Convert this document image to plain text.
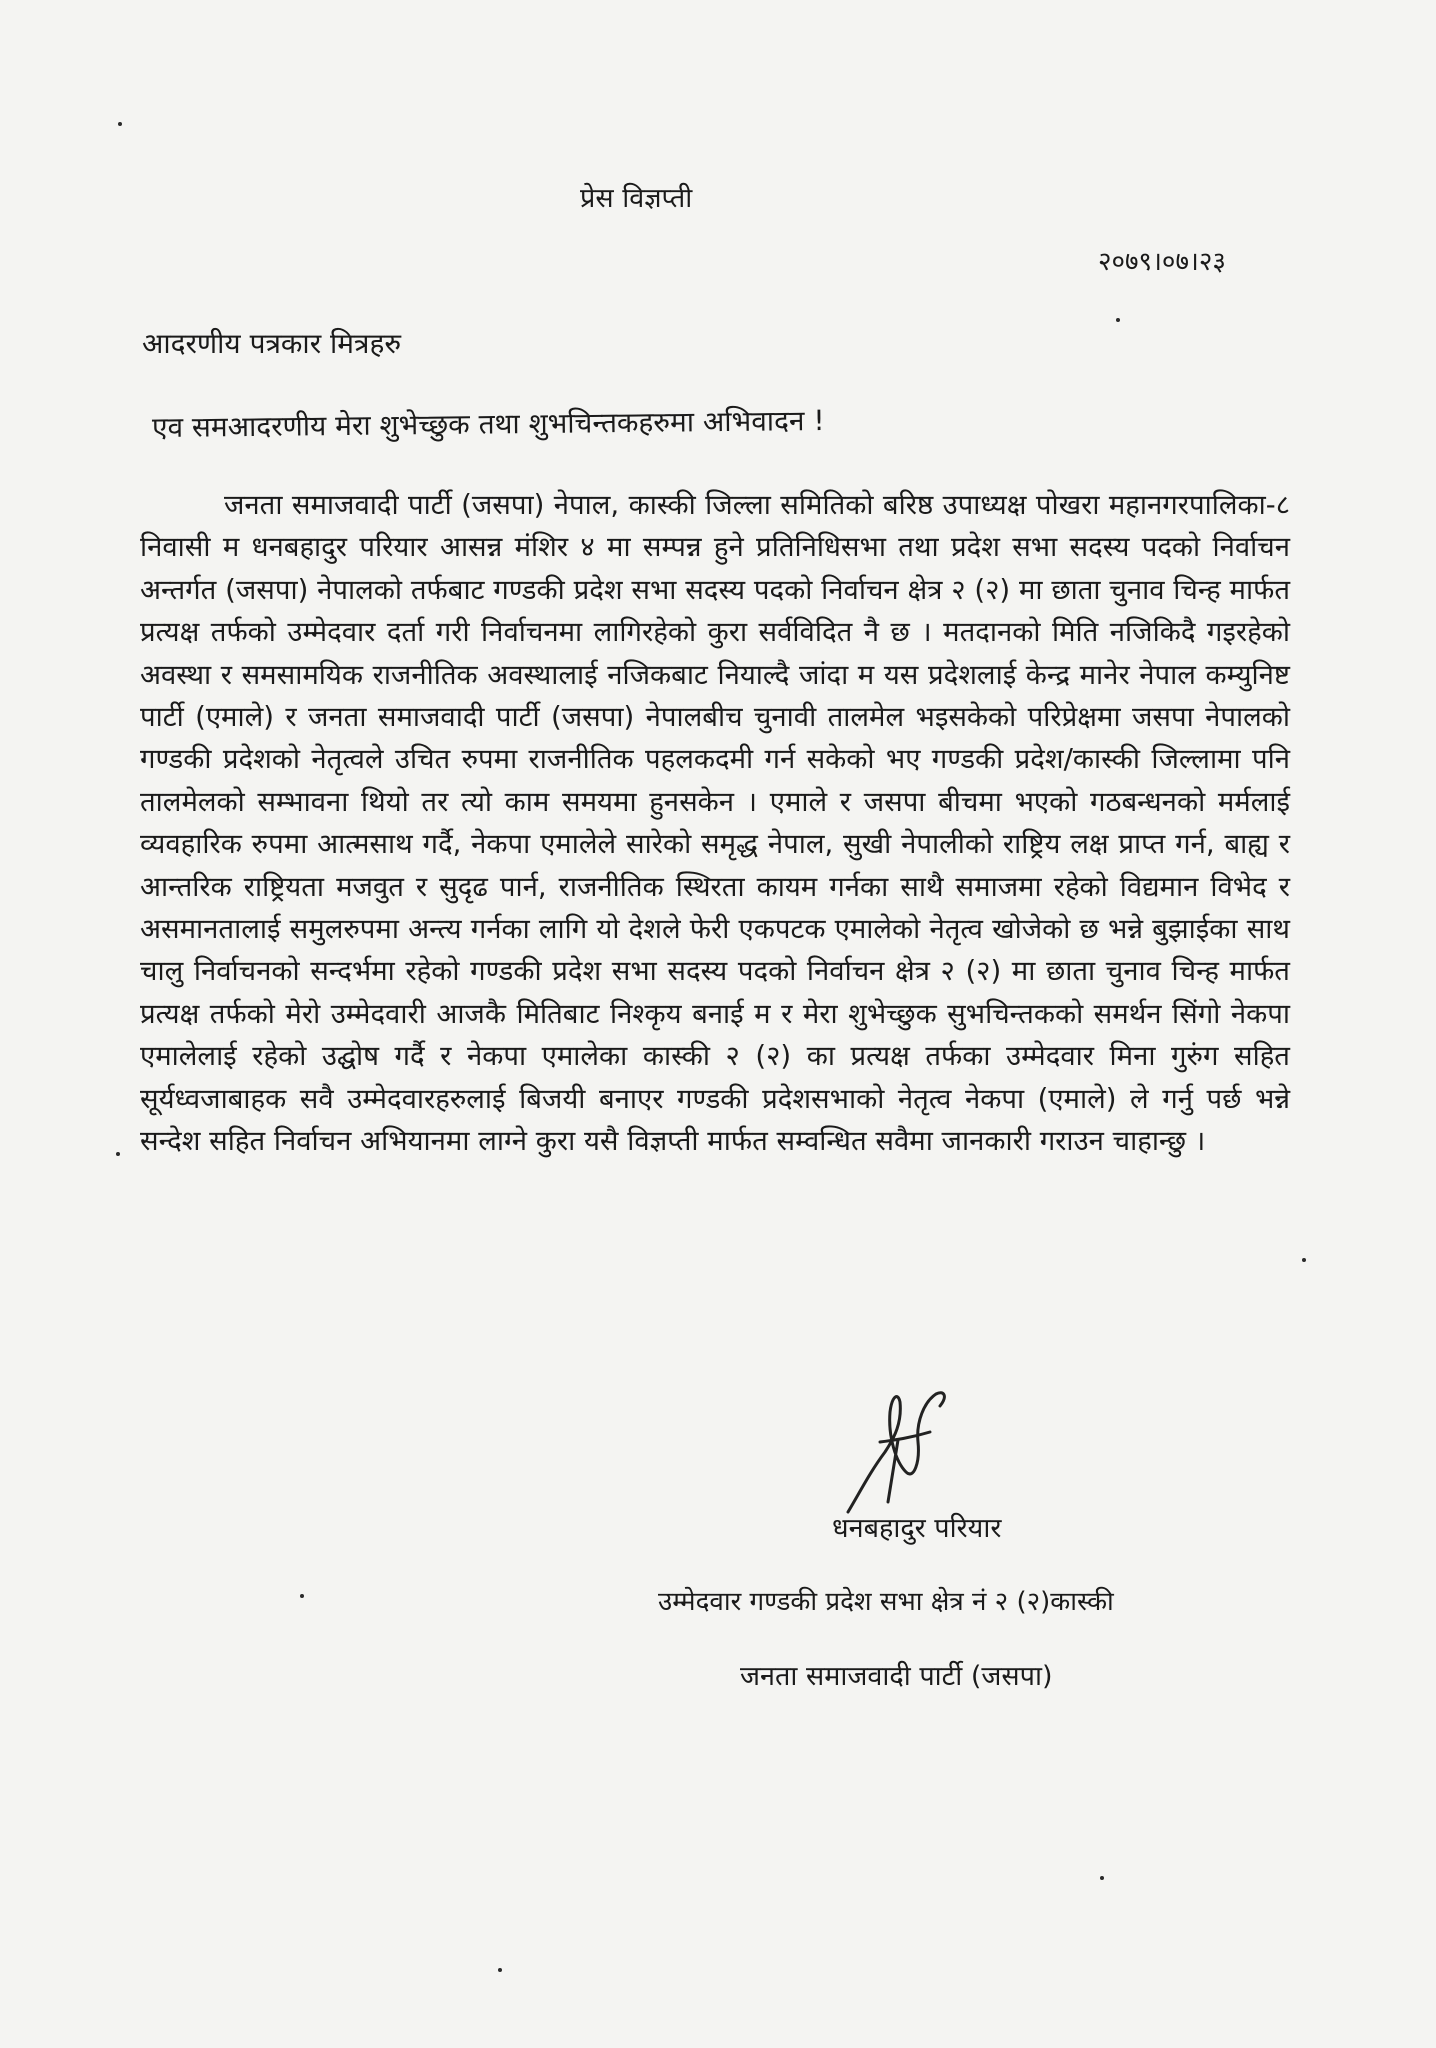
प्रेस विज्ञप्ती
२०७९।०७।२३
आदरणीय पत्रकार मित्रहरु
एव समआदरणीय मेरा शुभेच्छुक तथा शुभचिन्तकहरुमा अभिवादन !

जनता समाजवादी पार्टी (जसपा) नेपाल, कास्की जिल्ला समितिको बरिष्ठ उपाध्यक्ष पोखरा महानगरपालिका-८ निवासी म धनबहादुर परियार आसन्न मंशिर ४ मा सम्पन्न हुने प्रतिनिधिसभा तथा प्रदेश सभा सदस्य पदको निर्वाचन अन्तर्गत (जसपा) नेपालको तर्फबाट गण्डकी प्रदेश सभा सदस्य पदको निर्वाचन क्षेत्र २ (२) मा छाता चुनाव चिन्ह मार्फत प्रत्यक्ष तर्फको उम्मेदवार दर्ता गरी निर्वाचनमा लागिरहेको कुरा सर्वविदित नै छ । मतदानको मिति नजिकिदै गइरहेको अवस्था र समसामयिक राजनीतिक अवस्थालाई नजिकबाट नियाल्दै जांदा म यस प्रदेशलाई केन्द्र मानेर नेपाल कम्युनिष्ट पार्टी (एमाले) र जनता समाजवादी पार्टी (जसपा) नेपालबीच चुनावी तालमेल भइसकेको परिप्रेक्षमा जसपा नेपालको गण्डकी प्रदेशको नेतृत्वले उचित रुपमा राजनीतिक पहलकदमी गर्न सकेको भए गण्डकी प्रदेश/कास्की जिल्लामा पनि तालमेलको सम्भावना थियो तर त्यो काम समयमा हुनसकेन । एमाले र जसपा बीचमा भएको गठबन्धनको मर्मलाई व्यवहारिक रुपमा आत्मसाथ गर्दै, नेकपा एमालेले सारेको समृद्ध नेपाल, सुखी नेपालीको राष्ट्रिय लक्ष प्राप्त गर्न, बाह्य र आन्तरिक राष्ट्रियता मजवुत र सुदृढ पार्न, राजनीतिक स्थिरता कायम गर्नका साथै समाजमा रहेको विद्यमान विभेद र असमानतालाई समुलरुपमा अन्त्य गर्नका लागि यो देशले फेरी एकपटक एमालेको नेतृत्व खोजेको छ भन्ने बुझाईका साथ चालु निर्वाचनको सन्दर्भमा रहेको गण्डकी प्रदेश सभा सदस्य पदको निर्वाचन क्षेत्र २ (२) मा छाता चुनाव चिन्ह मार्फत प्रत्यक्ष तर्फको मेरो उम्मेदवारी आजकै मितिबाट निश्कृय बनाई म र मेरा शुभेच्छुक सुभचिन्तकको समर्थन सिंगो नेकपा एमालेलाई रहेको उद्घोष गर्दै र नेकपा एमालेका कास्की २ (२) का प्रत्यक्ष तर्फका उम्मेदवार मिना गुरुंग सहित सूर्यध्वजाबाहक सवै उम्मेदवारहरुलाई बिजयी बनाएर गण्डकी प्रदेशसभाको नेतृत्व नेकपा (एमाले) ले गर्नु पर्छ भन्ने सन्देश सहित निर्वाचन अभियानमा लाग्ने कुरा यसै विज्ञप्ती मार्फत सम्वन्धित सवैमा जानकारी गराउन चाहान्छु ।

धनबहादुर परियार
उम्मेदवार गण्डकी प्रदेश सभा क्षेत्र नं २ (२)कास्की
जनता समाजवादी पार्टी (जसपा)
